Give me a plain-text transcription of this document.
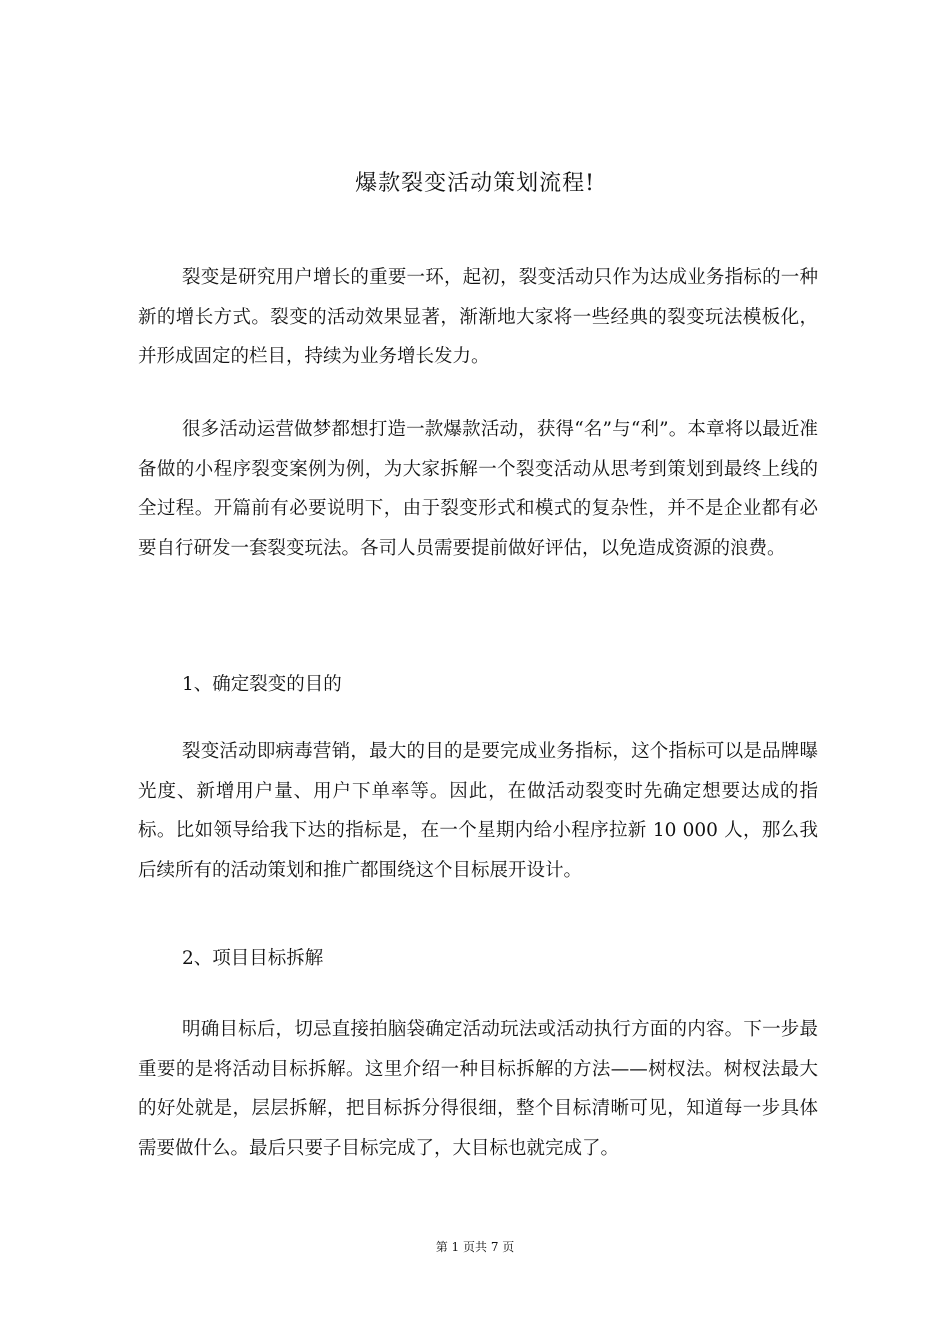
爆款裂变活动策划流程!

裂变是研究用户增长的重要一环，起初，裂变活动只作为达成业务指标的一种新的增长方式。裂变的活动效果显著，渐渐地大家将一些经典的裂变玩法模板化，并形成固定的栏目，持续为业务增长发力。

很多活动运营做梦都想打造一款爆款活动，获得“名”与“利”。本章将以最近准备做的小程序裂变案例为例，为大家拆解一个裂变活动从思考到策划到最终上线的全过程。开篇前有必要说明下，由于裂变形式和模式的复杂性，并不是企业都有必要自行研发一套裂变玩法。各司人员需要提前做好评估，以免造成资源的浪费。

1、确定裂变的目的

裂变活动即病毒营销，最大的目的是要完成业务指标，这个指标可以是品牌曝光度、新增用户量、用户下单率等。因此，在做活动裂变时先确定想要达成的指标。比如领导给我下达的指标是，在一个星期内给小程序拉新 10 000 人，那么我后续所有的活动策划和推广都围绕这个目标展开设计。

2、项目目标拆解

明确目标后，切忌直接拍脑袋确定活动玩法或活动执行方面的内容。下一步最重要的是将活动目标拆解。这里介绍一种目标拆解的方法——树杈法。树杈法最大的好处就是，层层拆解，把目标拆分得很细，整个目标清晰可见，知道每一步具体需要做什么。最后只要子目标完成了，大目标也就完成了。

第 1 页共 7 页
